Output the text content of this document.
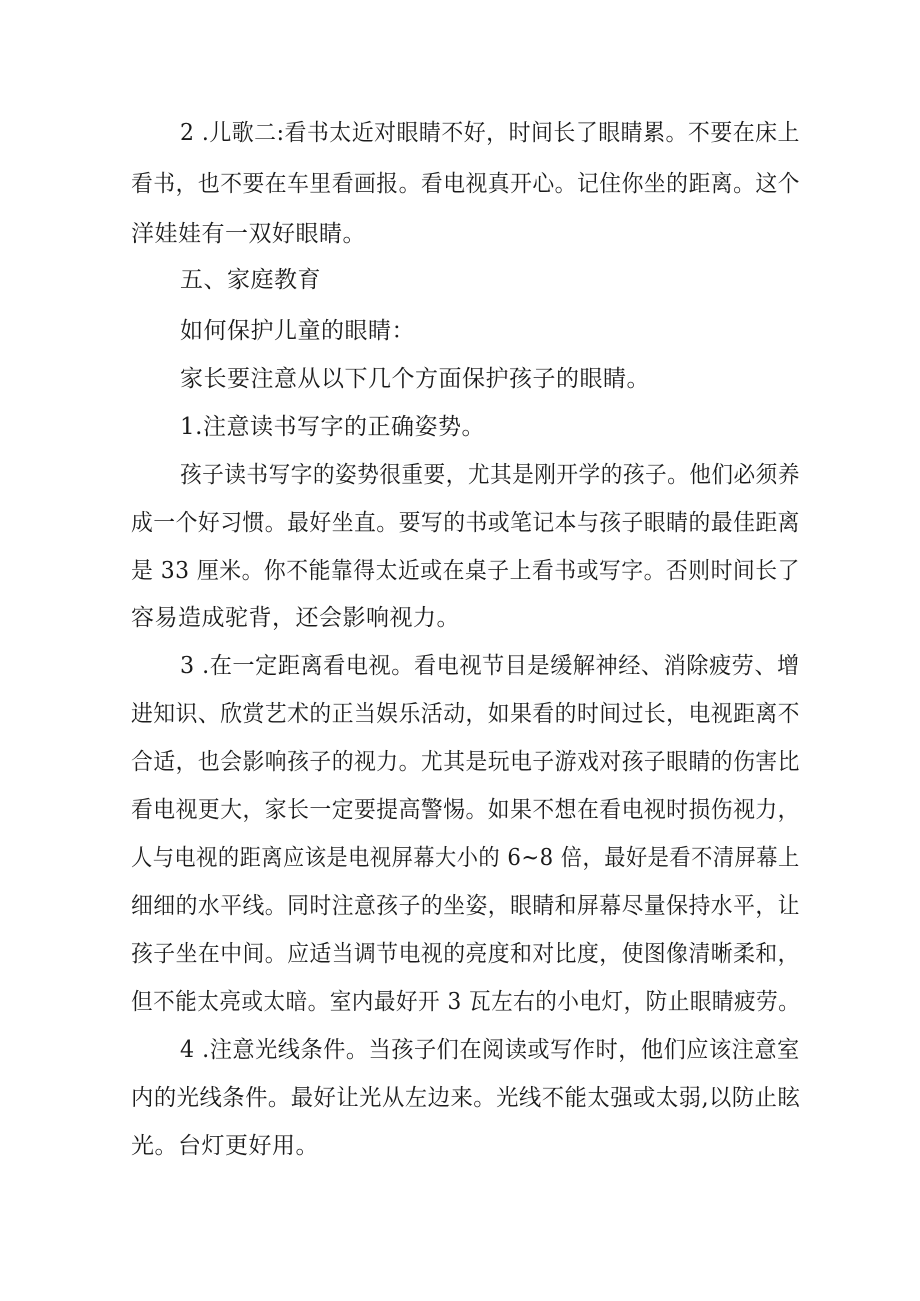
2 .儿歌二:看书太近对眼睛不好，时间长了眼睛累。不要在床上
看书，也不要在车里看画报。看电视真开心。记住你坐的距离。这个
洋娃娃有一双好眼睛。
五、家庭教育
如何保护儿童的眼睛：
家长要注意从以下几个方面保护孩子的眼睛。
1.注意读书写字的正确姿势。
孩子读书写字的姿势很重要，尤其是刚开学的孩子。他们必须养
成一个好习惯。最好坐直。要写的书或笔记本与孩子眼睛的最佳距离
是 33 厘米。你不能靠得太近或在桌子上看书或写字。否则时间长了
容易造成驼背，还会影响视力。
3 .在一定距离看电视。看电视节目是缓解神经、消除疲劳、增
进知识、欣赏艺术的正当娱乐活动，如果看的时间过长，电视距离不
合适，也会影响孩子的视力。尤其是玩电子游戏对孩子眼睛的伤害比
看电视更大，家长一定要提高警惕。如果不想在看电视时损伤视力，
人与电视的距离应该是电视屏幕大小的 6~8 倍，最好是看不清屏幕上
细细的水平线。同时注意孩子的坐姿，眼睛和屏幕尽量保持水平，让
孩子坐在中间。应适当调节电视的亮度和对比度，使图像清晰柔和，
但不能太亮或太暗。室内最好开 3 瓦左右的小电灯，防止眼睛疲劳。
4 .注意光线条件。当孩子们在阅读或写作时，他们应该注意室
内的光线条件。最好让光从左边来。光线不能太强或太弱,以防止眩
光。台灯更好用。
